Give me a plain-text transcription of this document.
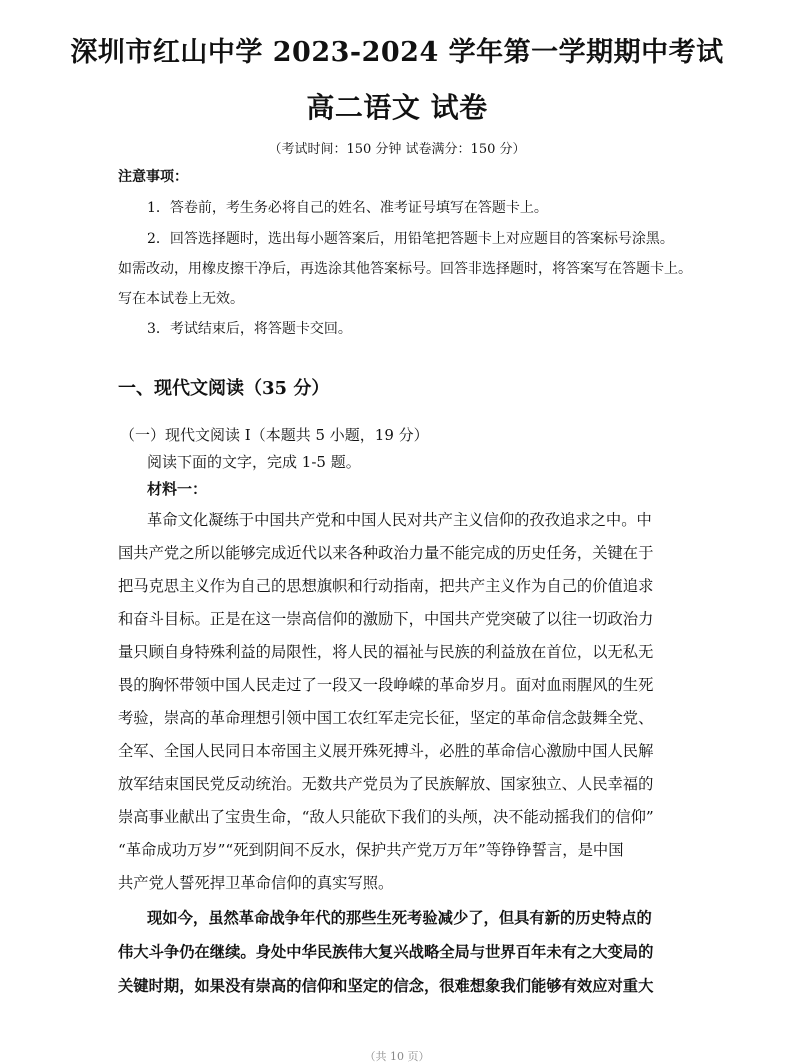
深圳市红山中学 2023-2024 学年第一学期期中考试
高二语文 试卷
（考试时间：150 分钟 试卷满分：150 分）
注意事项：
1．答卷前，考生务必将自己的姓名、准考证号填写在答题卡上。
2．回答选择题时，选出每小题答案后，用铅笔把答题卡上对应题目的答案标号涂黑。
如需改动，用橡皮擦干净后，再选涂其他答案标号。回答非选择题时，将答案写在答题卡上。
写在本试卷上无效。
3．考试结束后，将答题卡交回。
一、现代文阅读（35 分）
（一）现代文阅读 I（本题共 5 小题，19 分）
阅读下面的文字，完成 1-5 题。
材料一：
革命文化凝练于中国共产党和中国人民对共产主义信仰的孜孜追求之中。中
国共产党之所以能够完成近代以来各种政治力量不能完成的历史任务，关键在于
把马克思主义作为自己的思想旗帜和行动指南，把共产主义作为自己的价值追求
和奋斗目标。正是在这一崇高信仰的激励下，中国共产党突破了以往一切政治力
量只顾自身特殊利益的局限性，将人民的福祉与民族的利益放在首位，以无私无
畏的胸怀带领中国人民走过了一段又一段峥嵘的革命岁月。面对血雨腥风的生死
考验，崇高的革命理想引领中国工农红军走完长征，坚定的革命信念鼓舞全党、
全军、全国人民同日本帝国主义展开殊死搏斗，必胜的革命信心激励中国人民解
放军结束国民党反动统治。无数共产党员为了民族解放、国家独立、人民幸福的
崇高事业献出了宝贵生命，“敌人只能砍下我们的头颅，决不能动摇我们的信仰”
“革命成功万岁”“死到阴间不反水，保护共产党万万年”等铮铮誓言，是中国
共产党人誓死捍卫革命信仰的真实写照。
现如今，虽然革命战争年代的那些生死考验减少了，但具有新的历史特点的
伟大斗争仍在继续。身处中华民族伟大复兴战略全局与世界百年未有之大变局的
关键时期，如果没有崇高的信仰和坚定的信念，很难想象我们能够有效应对重大
（共 10 页）
